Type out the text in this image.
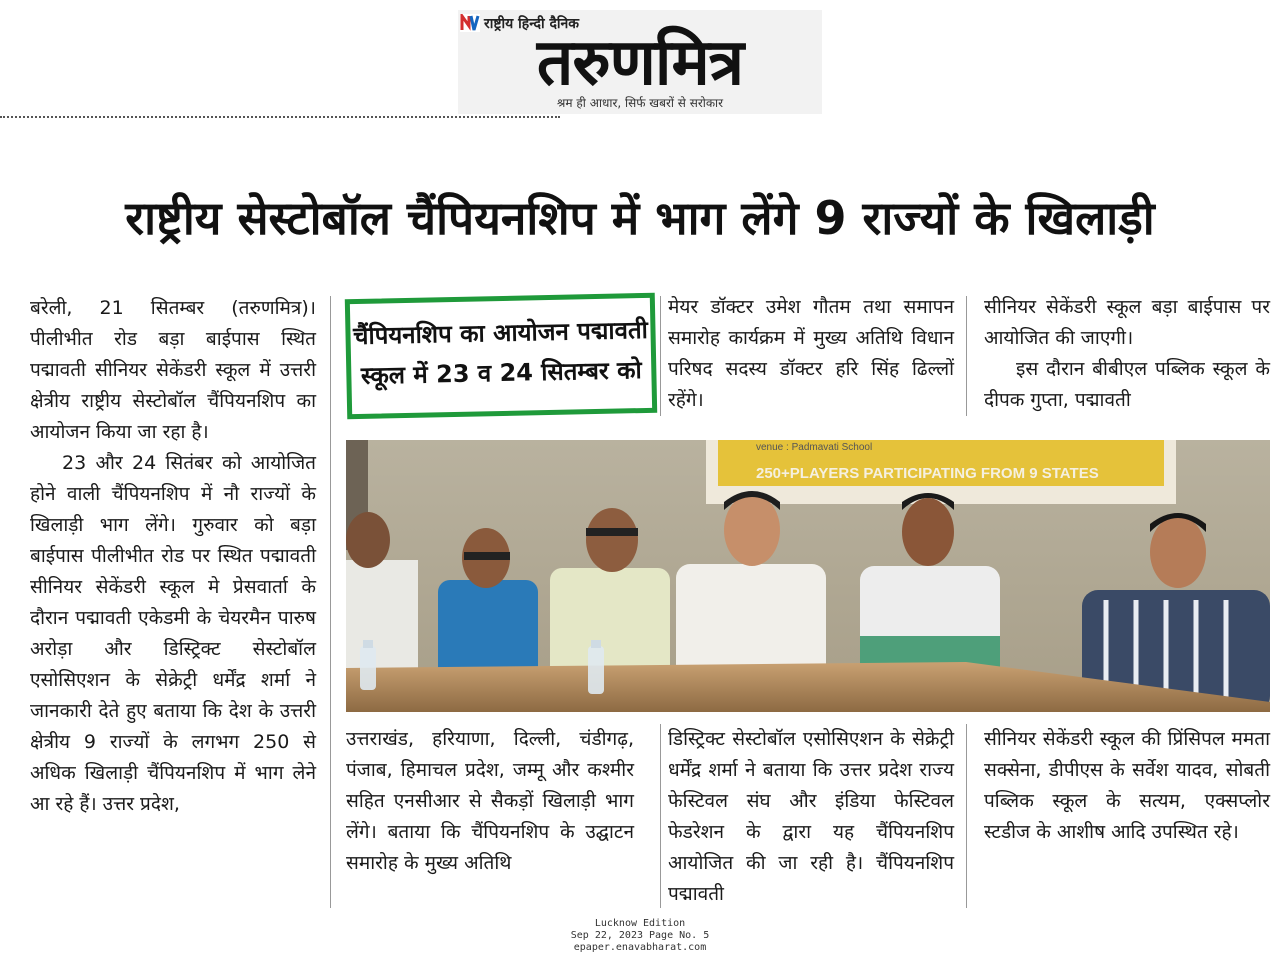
राष्ट्रीय हिन्दी दैनिक
तरुणमित्र
श्रम ही आधार, सिर्फ खबरों से सरोकार
राष्ट्रीय सेस्टोबॉल चैंपियनशिप में भाग लेंगे 9 राज्यों के खिलाड़ी

बरेली, 21 सितम्बर (तरुणमित्र)। पीलीभीत रोड बड़ा बाईपास स्थित पद्मावती सीनियर सेकेंडरी स्कूल में उत्तरी क्षेत्रीय राष्ट्रीय सेस्टोबॉल चैंपियनशिप का आयोजन किया जा रहा है।

23 और 24 सितंबर को आयोजित होने वाली चैंपियनशिप में नौ राज्यों के खिलाड़ी भाग लेंगे। गुरुवार को बड़ा बाईपास पीलीभीत रोड पर स्थित पद्मावती सीनियर सेकेंडरी स्कूल मे प्रेसवार्ता के दौरान पद्मावती एकेडमी के चेयरमैन पारुष अरोड़ा और डिस्ट्रिक्ट सेस्टोबॉल एसोसिएशन के सेक्रेट्री धर्मेंद्र शर्मा ने जानकारी देते हुए बताया कि देश के उत्तरी क्षेत्रीय 9 राज्यों के लगभग 250 से अधिक खिलाड़ी चैंपियनशिप में भाग लेने आ रहे हैं। उत्तर प्रदेश,

चैंपियनशिप का आयोजन पद्मावती
स्कूल में 23 व 24 सितम्बर को

मेयर डॉक्टर उमेश गौतम तथा समापन समारोह कार्यक्रम में मुख्य अतिथि विधान परिषद सदस्य डॉक्टर हरि सिंह ढिल्लों रहेंगे।

सीनियर सेकेंडरी स्कूल बड़ा बाईपास पर आयोजित की जाएगी।

इस दौरान बीबीएल पब्लिक स्कूल के दीपक गुप्ता, पद्मावती

venue : Padmavati School
250+PLAYERS PARTICIPATING FROM 9 STATES

उत्तराखंड, हरियाणा, दिल्ली, चंडीगढ़, पंजाब, हिमाचल प्रदेश, जम्मू और कश्मीर सहित एनसीआर से सैकड़ों खिलाड़ी भाग लेंगे। बताया कि चैंपियनशिप के उद्घाटन समारोह के मुख्य अतिथि

डिस्ट्रिक्ट सेस्टोबॉल एसोसिएशन के सेक्रेट्री धर्मेंद्र शर्मा ने बताया कि उत्तर प्रदेश राज्य फेस्टिवल संघ और इंडिया फेस्टिवल फेडरेशन के द्वारा यह चैंपियनशिप आयोजित की जा रही है। चैंपियनशिप पद्मावती

सीनियर सेकेंडरी स्कूल की प्रिंसिपल ममता सक्सेना, डीपीएस के सर्वेश यादव, सोबती पब्लिक स्कूल के सत्यम, एक्सप्लोर स्टडीज के आशीष आदि उपस्थित रहे।

Lucknow Edition
Sep 22, 2023 Page No. 5
epaper.enavabharat.com
